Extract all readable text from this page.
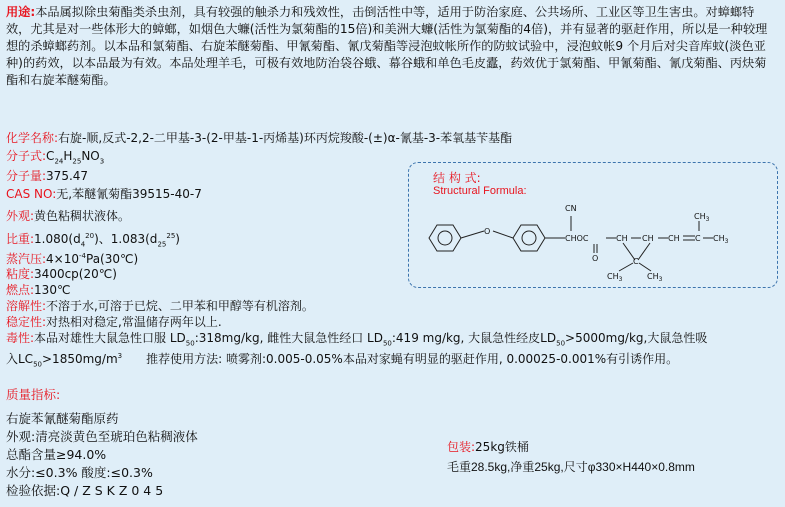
用途:本品属拟除虫菊酯类杀虫剂，具有较强的触杀力和残效性，击倒活性中等，适用于防治家庭、公共场所、工业区等卫生害虫。对蟑螂特效，尤其是对一些体形大的蟑螂，如烟色大蠊(活性为氯菊酯的15倍)和美洲大蠊(活性为氯菊酯的4倍)，并有显著的驱赶作用，所以是一种较理想的杀蟑螂药剂。以本品和氯菊酯、右旋苯醚菊酯、甲氰菊酯、氰戊菊酯等浸泡蚊帐所作的防蚊试验中，浸泡蚊帐9 个月后对尖音库蚊(淡色亚种)的药效，以本品最为有效。本品处理羊毛，可极有效地防治袋谷蛾、幕谷蛾和单色毛皮蠹，药效优于氯菊酯、甲氰菊酯、氰戊菊酯、丙炔菊酯和右旋苯醚菊酯。
化学名称:右旋-顺,反式-2,2-二甲基-3-(2-甲基-1-丙烯基)环丙烷羧酸-(±)α-氰基-3-苯氧基苄基酯
分子式$:C_{24}H_{25}NO_3$
分子量:375.47
CAS NO:无,苯醚氰菊酯39515-40-7
外观:黄色粘稠状液体。
比重$:1.080(d_4^{20})$、$1.083(d_{25}^{25})$
蒸汽压$:4\times 10^{-4}Pa(30℃)$
粘度:3400cp(20℃)
燃点:130℃
溶解性:不溶于水,可溶于已烷、二甲苯和甲醇等有机溶剂。
稳定性:对热相对稳定,常温储存两年以上.
毒性:本品对雄性大鼠急性口服 $LD_{50}:318mg/kg$, 雌性大鼠急性经口 $LD_{50}:419$ mg/kg, 大鼠急性经皮$LD_{50}>5000mg/kg$,大鼠急性吸
入$LC_{50}>1850mg/m^3$ 推荐使用方法: 喷雾剂:0.005-0.05%本品对家蝇有明显的驱赶作用, 0.00025-0.001%有引诱作用。
结 构 式:
Structural Formula:
O
CN
CHOC
O
CH CH CH C $CH_3$
$CH_3$
C
$CH_3$	$CH_3$
质量指标:
右旋苯氰醚菊酯原药
外观:清亮淡黄色至琥珀色粘稠液体
总酯含量≥94.0%
水分:≤0.3% 酸度:≤0.3%
检验依据:Q / Z S K Z 0 4 5
包装:25kg铁桶
毛重28.5kg,净重25kg,尺寸φ330×H440×0.8mm
